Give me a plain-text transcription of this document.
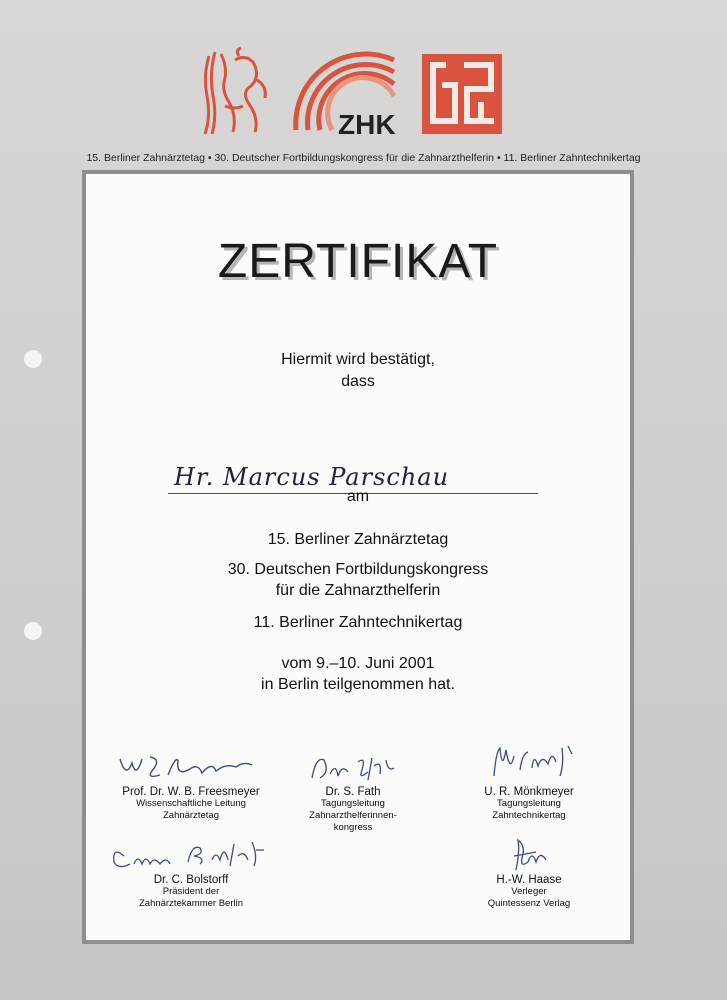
ZHK
15. Berliner Zahnärztetag • 30. Deutscher Fortbildungskongress für die Zahnarzthelferin • 11. Berliner Zahntechnikertag
ZERTIFIKAT
Hiermit wird bestätigt,
dass
Hr. Marcus Parschau
am
15. Berliner Zahnärztetag
30. Deutschen Fortbildungskongress
für die Zahnarzthelferin
11. Berliner Zahntechnikertag
vom 9.–10. Juni 2001
in Berlin teilgenommen hat.
Prof. Dr. W. B. Freesmeyer
Wissenschaftliche Leitung
Zahnärztetag
Dr. S. Fath
Tagungsleitung
Zahnarzthelferinnen-
kongress
U. R. Mönkmeyer
Tagungsleitung
Zahntechnikertag
Dr. C. Bolstorff
Präsident der
Zahnärztekammer Berlin
H.-W. Haase
Verleger
Quintessenz Verlag
